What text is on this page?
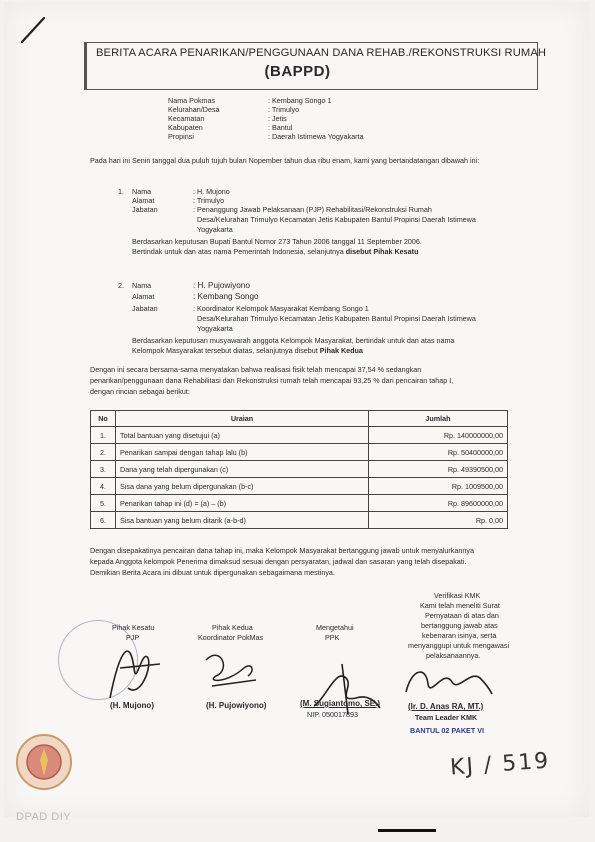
BERITA ACARA PENARIKAN/PENGGUNAAN DANA REHAB./REKONSTRUKSI RUMAH
(BAPPD)
Nama Pokmas	: Kembang Songo 1
Kelurahan/Desa	: Trimulyo
Kecamatan	: Jetis
Kabupaten	: Bantul
Propinsi	: Daerah Istimewa Yogyakarta
Pada hari ini Senin tanggal dua puluh tujuh bulan Nopember tahun dua ribu enam, kami yang bertandatangan dibawah ini:
1. Nama	: H. Mujono
Alamat	: Trimulyo
Jabatan	: Penanggung Jawab Pelaksanaan (PJP) Rehabilitasi/Rekonstruksi Rumah
Desa/Kelurahan Trimulyo Kecamatan Jetis Kabupaten Bantul Propinsi Daerah Istimewa
Yogyakarta
Berdasarkan keputusan Bupati Bantul Nomor 273 Tahun 2006 tanggal 11 September 2006.
Bertindak untuk dan atas nama Pemerintah Indonesia, selanjutnya disebut Pihak Kesatu
2. Nama	: H. Pujowiyono
Alamat	: Kembang Songo
Jabatan	: Koordinator Kelompok Masyarakat Kembang Songo 1
Desa/Kelurahan Trimulyo Kecamatan Jetis Kabupaten Bantul Propinsi Daerah Istimewa
Yogyakarta
Berdasarkan keputusan musyawarah anggota Kelompok Masyarakat, bertindak untuk dan atas nama
Kelompok Masyarakat tersebut diatas, selanjutnya disebut Pihak Kedua
Dengan ini secara bersama-sama menyatakan bahwa realisasi fisik telah mencapai 37,54 % sedangkan
penarikan/penggunaan dana Rehabilitasi dan Rekonstruksi rumah telah mencapai 93,25 % dari pencairan tahap I,
dengan rincian sebagai berikut:
No	Uraian	Jumlah
1.	Total bantuan yang disetujui (a)	Rp. 140000000,00
2.	Penarikan sampai dengan tahap lalu (b)	Rp. 50400000,00
3.	Dana yang telah dipergunakan (c)	Rp. 49390500,00
4.	Sisa dana yang belum dipergunakan (b-c)	Rp. 1009500,00
5.	Penarikan tahap ini (d) = (a) – (b)	Rp. 89600000,00
6.	Sisa bantuan yang belum ditarik (a-b-d)	Rp. 0,00
Dengan disepakatinya pencairan dana tahap ini, maka Kelompok Masyarakat bertanggung jawab untuk menyalurkannya
kepada Anggota kelompok Penerima dimaksud sesuai dengan persyaratan, jadwal dan sasaran yang telah disepakati.
Demikian Berita Acara ini dibuat untuk dipergunakan sebagaimana mestinya.
Verifikasi KMK
Kami telah meneliti Surat
Pernyataan di atas dan
bertanggung jawab atas
kebenaran isinya, serta
menyanggupi untuk mengawasi
pelaksanaannya.
Pihak Kesatu
PJP
(H. Mujono)
Pihak Kedua
Koordinator PokMas
(H. Pujowiyono)
Mengetahui
PPK
(M. Sugiantomo, SE.)
NIP. 050017893
(Ir. D. Anas RA, MT.)
Team Leader KMK
BANTUL 02 PAKET VI
KJ / 519
DPAD DIY
